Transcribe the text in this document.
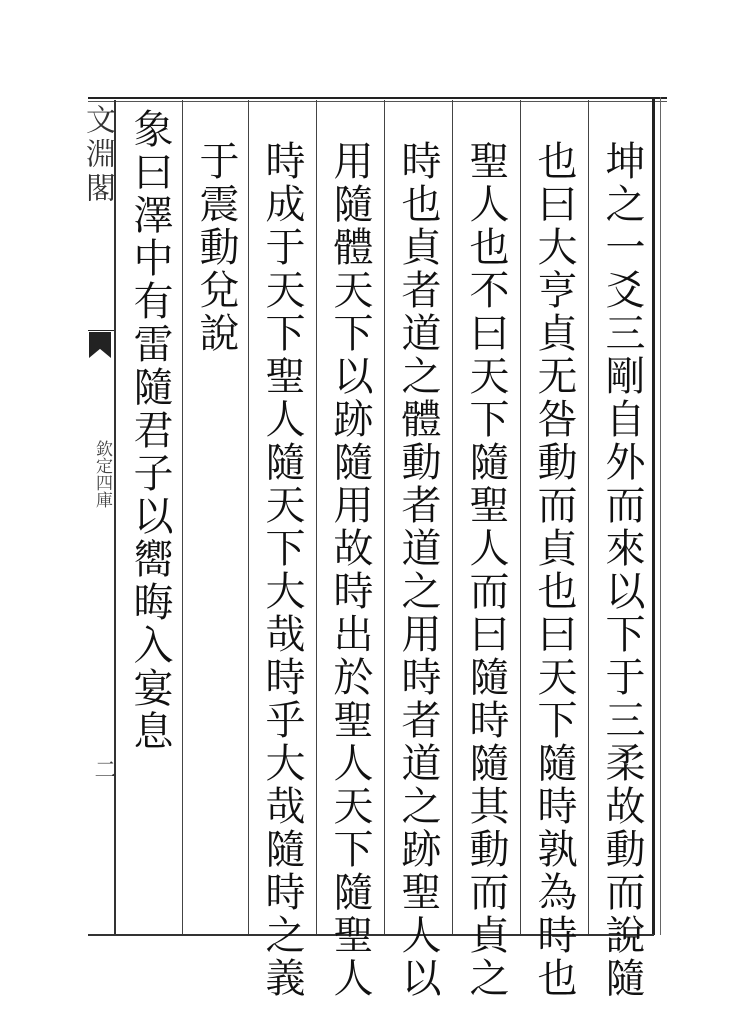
文淵閣
欽定四庫
二	坤之一爻三剛自外而來以下于三柔故動而說隨
也曰大亨貞无咎動而貞也曰天下隨時孰為時也
聖人也不曰天下隨聖人而曰隨時隨其動而貞之
時也貞者道之體動者道之用時者道之跡聖人以
用隨體天下以跡隨用故時出於聖人天下隨聖人
時成于天下聖人隨天下大哉時乎大哉隨時之義
于震動兌說
象曰澤中有雷隨君子以嚮晦入宴息
